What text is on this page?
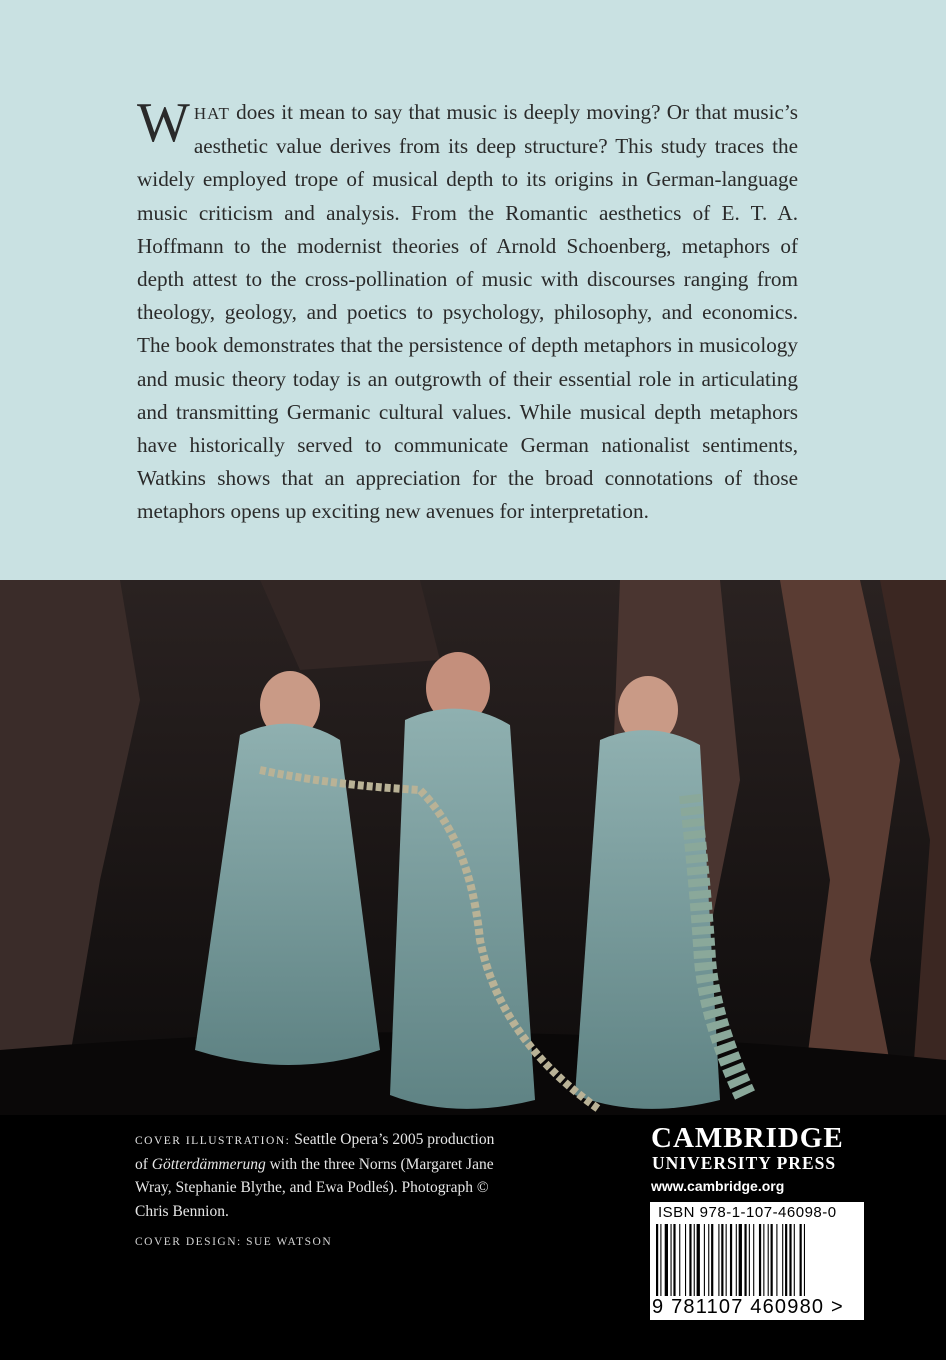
WHAT does it mean to say that music is deeply moving? Or that music’s aesthetic value derives from its deep structure? This study traces the widely employed trope of musical depth to its origins in German-language music criticism and analysis. From the Romantic aesthetics of E. T. A. Hoffmann to the modernist theories of Arnold Schoenberg, metaphors of depth attest to the cross-pollination of music with discourses ranging from theology, geology, and poetics to psychology, philosophy, and economics. The book demonstrates that the persistence of depth metaphors in musicology and music theory today is an outgrowth of their essential role in articulating and transmitting Germanic cultural values. While musical depth metaphors have historically served to communicate German nationalist sentiments, Watkins shows that an appreciation for the broad connotations of those metaphors opens up exciting new avenues for interpretation.

COVER ILLUSTRATION: Seattle Opera’s 2005 production of Götterdämmerung with the three Norns (Margaret Jane Wray, Stephanie Blythe, and Ewa Podleś). Photograph © Chris Bennion.

COVER DESIGN: SUE WATSON
CAMBRIDGE
UNIVERSITY PRESS
www.cambridge.org
ISBN 978-1-107-46098-0
9 781107 460980 >
